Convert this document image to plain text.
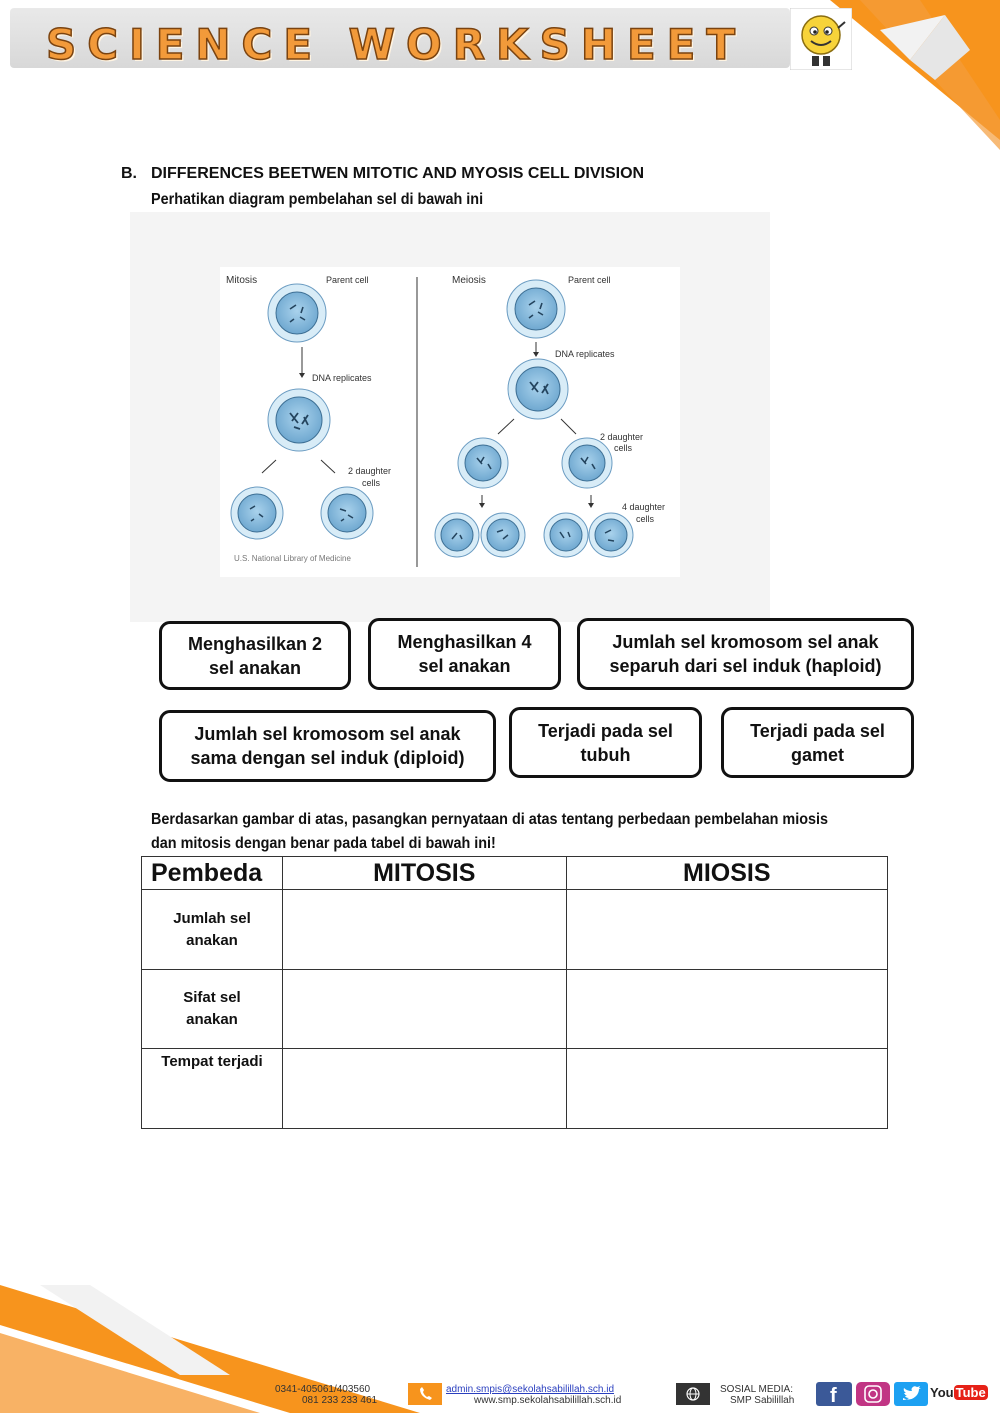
SCIENCE WORKSHEET
B. DIFFERENCES BEETWEN MITOTIC AND MYOSIS CELL DIVISION
Perhatikan diagram pembelahan sel di bawah ini
Mitosis	Parent cell
DNA replicates
2 daughter
cells
U.S. National Library of Medicine
Meiosis	Parent cell
DNA replicates
2 daughter
cells
4 daughter
cells
Menghasilkan 2
sel anakan
Menghasilkan 4
sel anakan
Jumlah sel kromosom sel anak
separuh dari sel induk (haploid)
Jumlah sel kromosom sel anak
sama dengan sel induk (diploid)
Terjadi pada sel
tubuh
Terjadi pada sel
gamet
Berdasarkan gambar di atas, pasangkan pernyataan di atas tentang perbedaan pembelahan miosis
dan mitosis dengan benar pada tabel di bawah ini!
Pembeda	MITOSIS	MIOSIS
Jumlah sel
anakan		
Sifat sel
anakan		
Tempat terjadi		
0341-405061/403560
081 233 233 461
admin.smpis@sekolahsabilillah.sch.id
www.smp.sekolahsabilillah.sch.id
SOSIAL MEDIA:
SMP Sabilillah f	You Tube
